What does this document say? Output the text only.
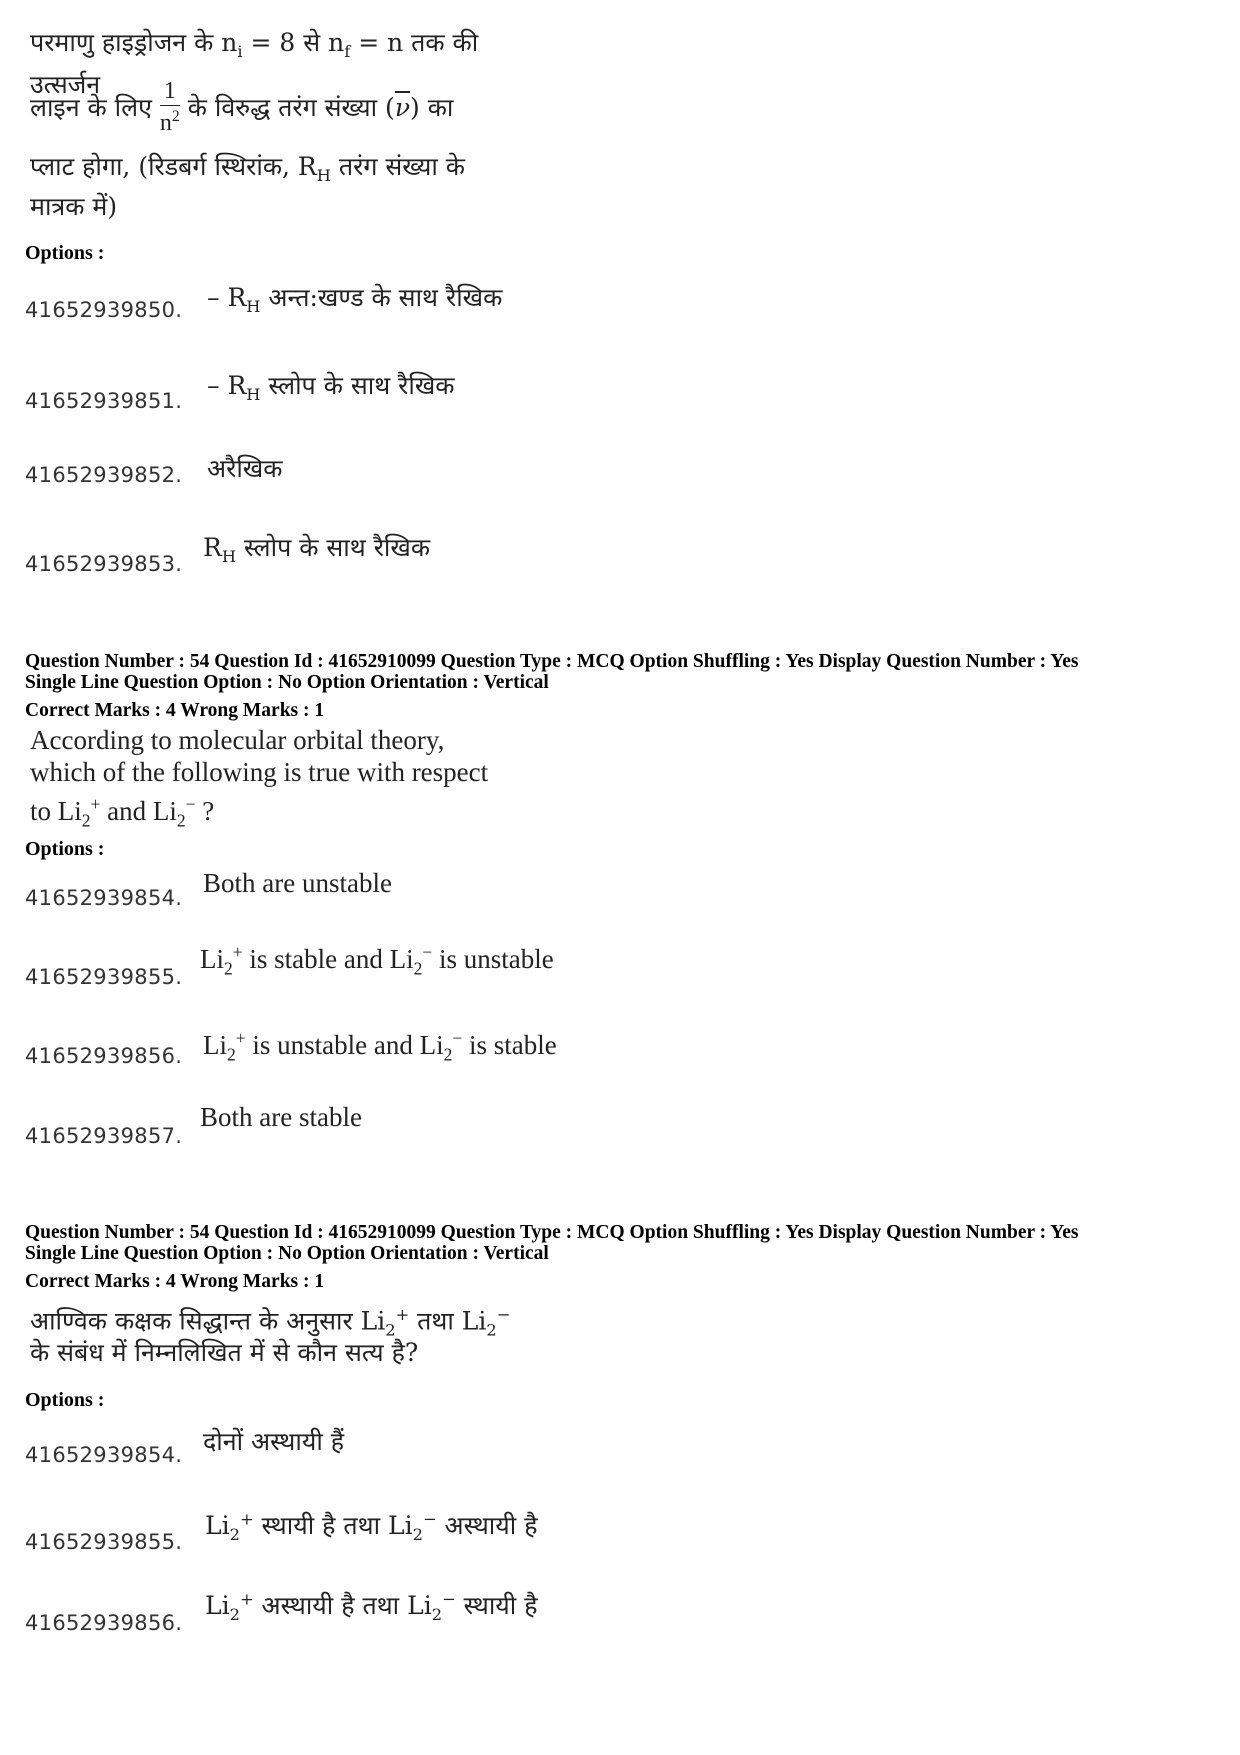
परमाणु हाइड्रोजन के $n_i = 8$ से $n_f = n$ तक की उत्सर्जन
लाइन के लिए $\frac{1}{n^2}$ के विरुद्ध तरंग संख्या ( $\overline{\nu}$ ) का
प्लाट होगा, (रिडबर्ग स्थिरांक, $R_H$ तरंग संख्या के
मात्रक में)
Options :
41652939850. – $R_H$ अन्त:खण्ड के साथ रैखिक
41652939851.
– $R_H$ स्लोप के साथ रैखिक
41652939852. अरैखिक
41652939853.
$R_H$ स्लोप के साथ रैखिक
Question Number : 54 Question Id : 41652910099 Question Type : MCQ Option Shuffling : Yes Display Question Number : Yes
Single Line Question Option : No Option Orientation : Vertical
Correct Marks : 4 Wrong Marks : 1
According to molecular orbital theory,
which of the following is true with respect
to $Li_2^+$ and $Li_2^-$ ?
Options :
41652939854. Both are unstable
41652939855.
$Li_2^+$ is stable and $Li_2^-$ is unstable
41652939856. $Li_2^+$ is unstable and $Li_2^-$ is stable
41652939857.
Both are stable
Question Number : 54 Question Id : 41652910099 Question Type : MCQ Option Shuffling : Yes Display Question Number : Yes
Single Line Question Option : No Option Orientation : Vertical
Correct Marks : 4 Wrong Marks : 1
आण्विक कक्षक सिद्धान्त के अनुसार $Li_2^+$ तथा $Li_2^-$
के संबंध में निम्नलिखित में से कौन सत्य है?
Options :
41652939854. दोनों अस्थायी हैं
41652939855.
$Li_2^+$ स्थायी है तथा $Li_2^-$ अस्थायी है
41652939856.
$Li_2^+$ अस्थायी है तथा $Li_2^-$ स्थायी है
